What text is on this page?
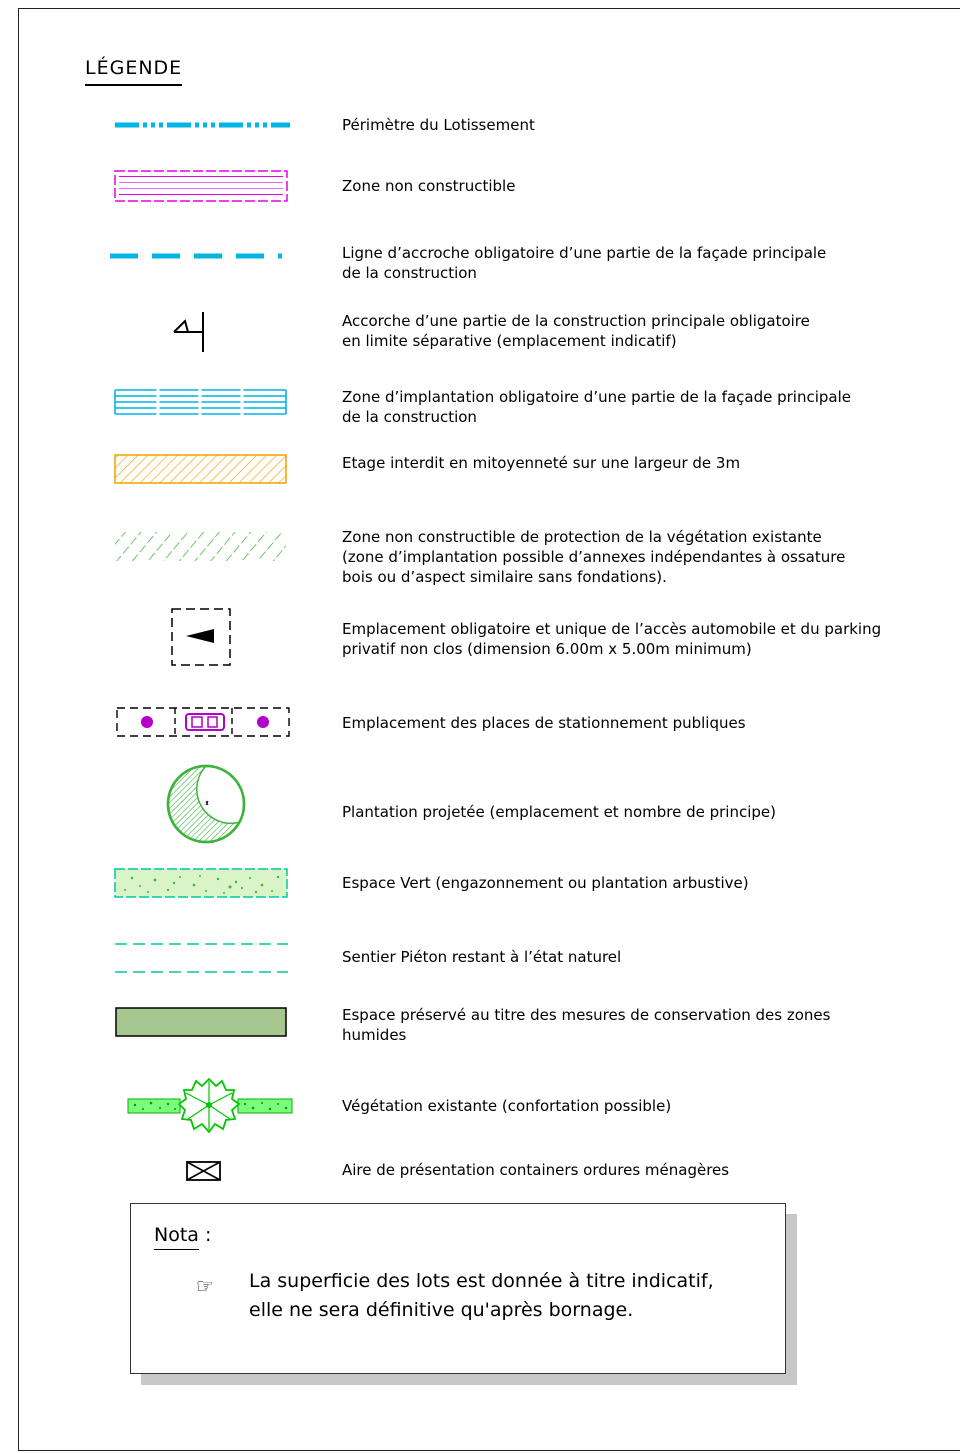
LÉGENDE
Périmètre du Lotissement
Zone non constructible
Ligne d’accroche obligatoire d’une partie de la façade principale
de la construction
Accorche d’une partie de la construction principale obligatoire
en limite séparative (emplacement indicatif)
Zone d’implantation obligatoire d’une partie de la façade principale
de la construction
Etage interdit en mitoyenneté sur une largeur de 3m
Zone non constructible de protection de la végétation existante
(zone d’implantation possible d’annexes indépendantes à ossature
bois ou d’aspect similaire sans fondations).
Emplacement obligatoire et unique de l’accès automobile et du parking
privatif non clos (dimension 6.00m x 5.00m minimum)
Emplacement des places de stationnement publiques
Plantation projetée (emplacement et nombre de principe)
Espace Vert (engazonnement ou plantation arbustive)
Sentier Piéton restant à l’état naturel
Espace préservé au titre des mesures de conservation des zones
humides
Végétation existante (confortation possible)
Aire de présentation containers ordures ménagères
Nota :
☞ La superficie des lots est donnée à titre indicatif,
elle ne sera définitive qu'après bornage.
